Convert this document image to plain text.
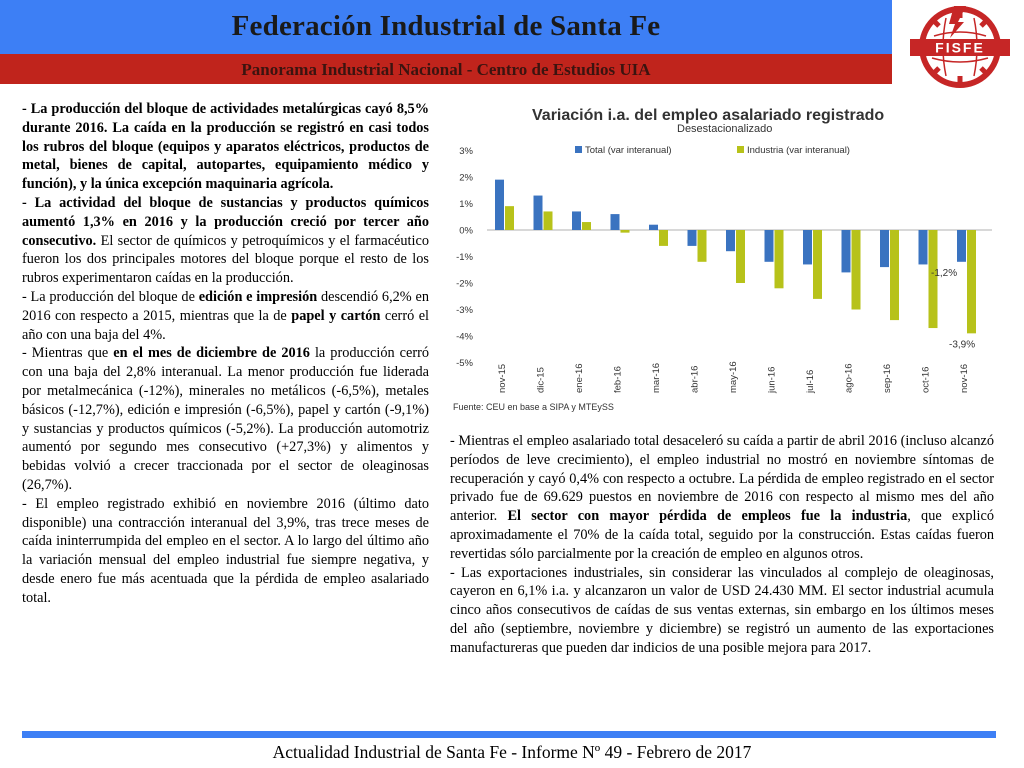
Federación Industrial de Santa Fe
Panorama Industrial Nacional - Centro de Estudios UIA
FISFE

- La producción del bloque de actividades metalúrgicas cayó 8,5% durante 2016. La caída en la producción se registró en casi todos los rubros del bloque (equipos y aparatos eléctricos, productos de metal, bienes de capital, autopartes, equipamiento médico y función), y la única excepción maquinaria agrícola.

- La actividad del bloque de sustancias y productos químicos aumentó 1,3% en 2016 y la producción creció por tercer año consecutivo. El sector de químicos y petroquímicos y el farmacéutico fueron los dos principales motores del bloque porque el resto de los rubros experimentaron caídas en la producción.

- La producción del bloque de edición e impresión descendió 6,2% en 2016 con respecto a 2015, mientras que la de papel y cartón cerró el año con una baja del 4%.

- Mientras que en el mes de diciembre de 2016 la producción cerró con una baja del 2,8% interanual. La menor producción fue liderada por metalmecánica (-12%), minerales no metálicos (-6,5%), metales básicos (-12,7%), edición e impresión (-6,5%), papel y cartón (-9,1%) y sustancias y productos químicos (-5,2%). La producción automotriz aumentó por segundo mes consecutivo (+27,3%) y alimentos y bebidas volvió a crecer traccionada por el sector de oleaginosas (26,7%).

- El empleo registrado exhibió en noviembre 2016 (último dato disponible) una contracción interanual del 3,9%, tras trece meses de caída ininterrumpida del empleo en el sector. A lo largo del último año la variación mensual del empleo industrial fue siempre negativa, y desde enero fue más acentuada que la pérdida de empleo asalariado total.

Variación i.a. del empleo asalariado registrado
Desestacionalizado
Total (var interanual)	Industria (var interanual)
3%
2%
1%
0%
-1%
-2%
-3%
-4%
-5%
nov-15	dic-15	ene-16	feb-16	mar-16	abr-16	may-16	jun-16	jul-16	ago-16	sep-16	oct-16	nov-16
-1,2%
-3,9%
Fuente: CEU en base a SIPA y MTEySS

- Mientras el empleo asalariado total desaceleró su caída a partir de abril 2016 (incluso alcanzó períodos de leve crecimiento), el empleo industrial no mostró en noviembre síntomas de recuperación y cayó 0,4% con respecto a octubre. La pérdida de empleo registrado en el sector privado fue de 69.629 puestos en noviembre de 2016 con respecto al mismo mes del año anterior. El sector con mayor pérdida de empleos fue la industria, que explicó aproximadamente el 70% de la caída total, seguido por la construcción. Estas caídas fueron revertidas sólo parcialmente por la creación de empleo en algunos otros.

- Las exportaciones industriales, sin considerar las vinculados al complejo de oleaginosas, cayeron en 6,1% i.a. y alcanzaron un valor de USD 24.430 MM. El sector industrial acumula cinco años consecutivos de caídas de sus ventas externas, sin embargo en los últimos meses del año (septiembre, noviembre y diciembre) se registró un aumento de las exportaciones manufactureras que pueden dar indicios de una posible mejora para 2017.

Actualidad Industrial de Santa Fe - Informe Nº 49 - Febrero de 2017
